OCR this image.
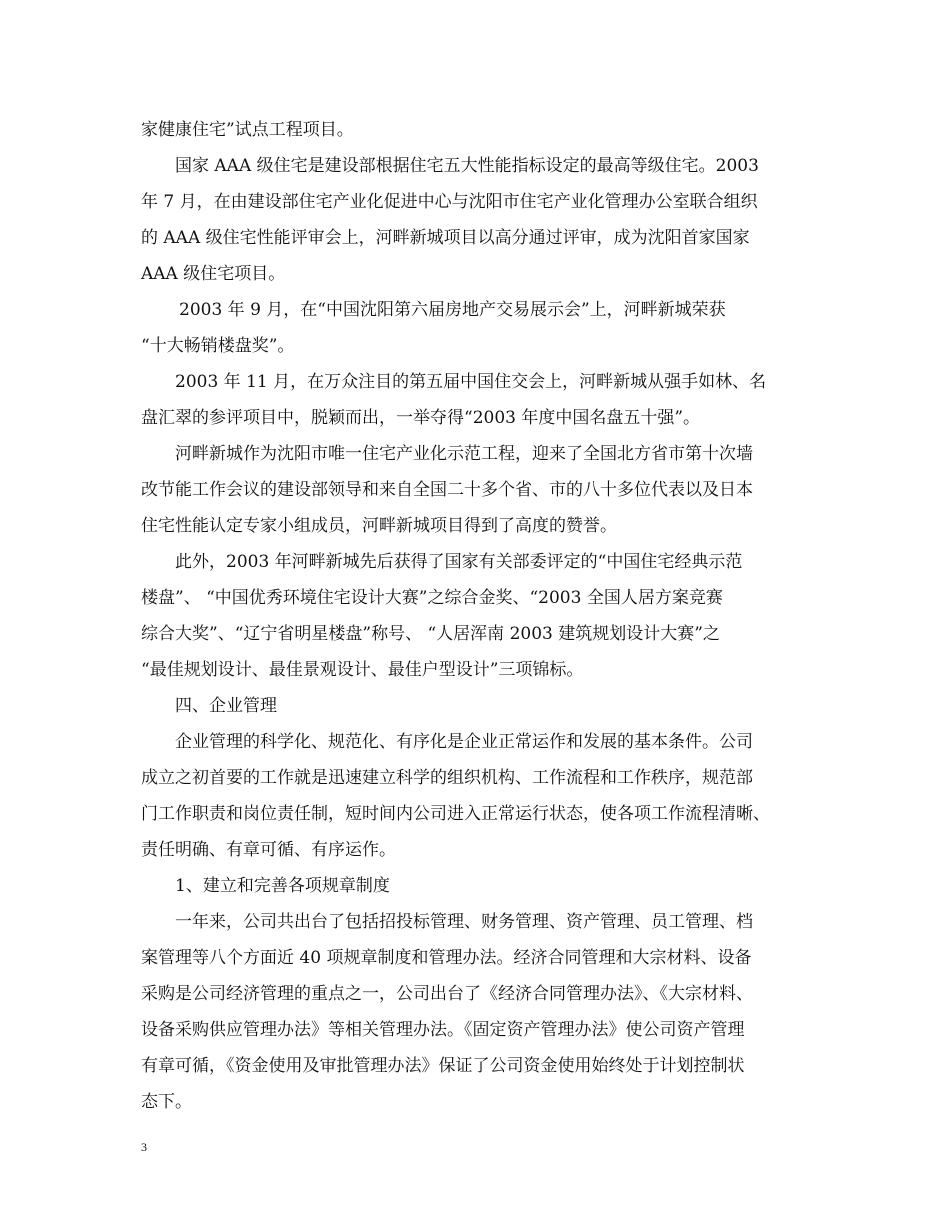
家健康住宅”试点工程项目。
国家 AAA 级住宅是建设部根据住宅五大性能指标设定的最高等级住宅。2003
年 7 月，在由建设部住宅产业化促进中心与沈阳市住宅产业化管理办公室联合组织
的 AAA 级住宅性能评审会上，河畔新城项目以高分通过评审，成为沈阳首家国家
AAA 级住宅项目。
2003 年 9 月，在“中国沈阳第六届房地产交易展示会”上，河畔新城荣获
“十大畅销楼盘奖”。
2003 年 11 月，在万众注目的第五届中国住交会上，河畔新城从强手如林、名
盘汇翠的参评项目中，脱颖而出，一举夺得“2003 年度中国名盘五十强”。
河畔新城作为沈阳市唯一住宅产业化示范工程，迎来了全国北方省市第十次墙
改节能工作会议的建设部领导和来自全国二十多个省、市的八十多位代表以及日本
住宅性能认定专家小组成员，河畔新城项目得到了高度的赞誉。
此外，2003 年河畔新城先后获得了国家有关部委评定的“中国住宅经典示范
楼盘”、 “中国优秀环境住宅设计大赛”之综合金奖、“2003 全国人居方案竞赛
综合大奖”、“辽宁省明星楼盘”称号、 “人居浑南 2003 建筑规划设计大赛”之
“最佳规划设计、最佳景观设计、最佳户型设计”三项锦标。
四、企业管理
企业管理的科学化、规范化、有序化是企业正常运作和发展的基本条件。公司
成立之初首要的工作就是迅速建立科学的组织机构、工作流程和工作秩序，规范部
门工作职责和岗位责任制，短时间内公司进入正常运行状态，使各项工作流程清晰、
责任明确、有章可循、有序运作。
1、建立和完善各项规章制度
一年来，公司共出台了包括招投标管理、财务管理、资产管理、员工管理、档
案管理等八个方面近 40 项规章制度和管理办法。经济合同管理和大宗材料、设备
采购是公司经济管理的重点之一，公司出台了《经济合同管理办法》、《大宗材料、
设备采购供应管理办法》等相关管理办法。《固定资产管理办法》使公司资产管理
有章可循，《资金使用及审批管理办法》保证了公司资金使用始终处于计划控制状
态下。
3
